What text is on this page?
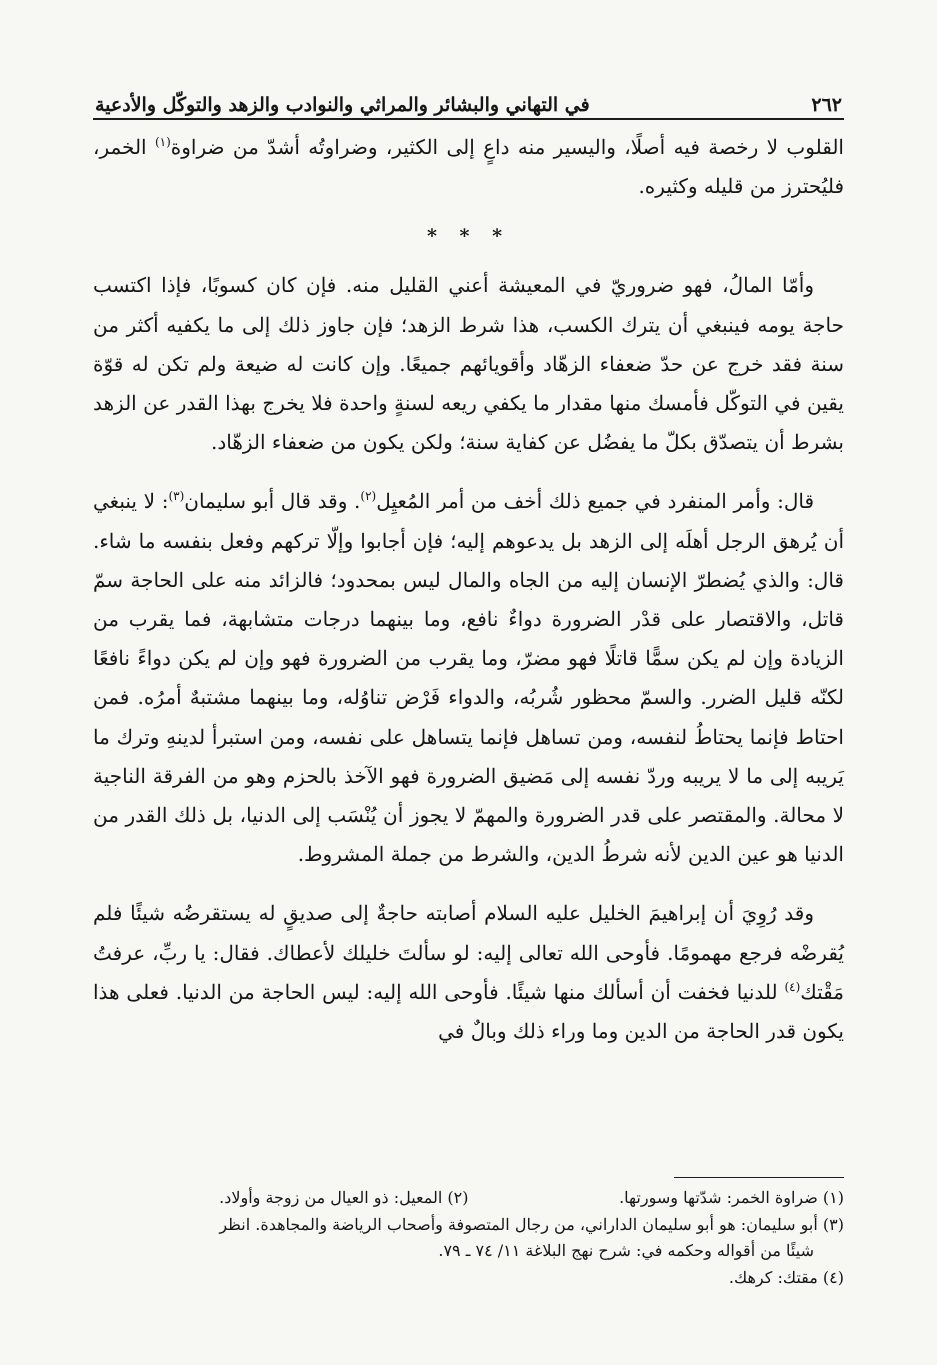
٢٦٢
في التهاني والبشائر والمراثي والنوادب والزهد والتوكّل والأدعية

القلوب لا رخصة فيه أصلًا، واليسير منه داعٍ إلى الكثير، وضراوتُه أشدّ من ضراوة$^{(١)}$ الخمر، فليُحترز من قليله وكثيره.

* * *

وأمّا المالُ، فهو ضروريّ في المعيشة أعني القليل منه. فإن كان كسوبًا، فإذا اكتسب حاجة يومه فينبغي أن يترك الكسب، هذا شرط الزهد؛ فإن جاوز ذلك إلى ما يكفيه أكثر من سنة فقد خرج عن حدّ ضعفاء الزهّاد وأقويائهم جميعًا. وإن كانت له ضيعة ولم تكن له قوّة يقين في التوكّل فأمسك منها مقدار ما يكفي ريعه لسنةٍ واحدة فلا يخرج بهذا القدر عن الزهد بشرط أن يتصدّق بكلّ ما يفضُل عن كفاية سنة؛ ولكن يكون من ضعفاء الزهّاد.

قال: وأمر المنفرد في جميع ذلك أخف من أمر المُعيِل$^{(٢)}$. وقد قال أبو سليمان$^{(٣)}$: لا ينبغي أن يُرهق الرجل أهلَه إلى الزهد بل يدعوهم إليه؛ فإن أجابوا وإلّا تركهم وفعل بنفسه ما شاء. قال: والذي يُضطرّ الإنسان إليه من الجاه والمال ليس بمحدود؛ فالزائد منه على الحاجة سمّ قاتل، والاقتصار على قدْر الضرورة دواءٌ نافع، وما بينهما درجات متشابهة، فما يقرب من الزيادة وإن لم يكن سمًّا قاتلًا فهو مضرّ، وما يقرب من الضرورة فهو وإن لم يكن دواءً نافعًا لكنّه قليل الضرر. والسمّ محظور شُربُه، والدواء فَرْض تناوُله، وما بينهما مشتبهٌ أمرُه. فمن احتاط فإنما يحتاطُ لنفسه، ومن تساهل فإنما يتساهل على نفسه، ومن استبرأ لدينهِ وترك ما يَريبه إلى ما لا يريبه وردّ نفسه إلى مَضيق الضرورة فهو الآخذ بالحزم وهو من الفرقة الناجية لا محالة. والمقتصر على قدر الضرورة والمهمّ لا يجوز أن يُنْسَب إلى الدنيا، بل ذلك القدر من الدنيا هو عين الدين لأنه شرطُ الدين، والشرط من جملة المشروط.

وقد رُوِيَ أن إبراهيمَ الخليل عليه السلام أصابته حاجةٌ إلى صديقٍ له يستقرضُه شيئًا فلم يُقرضْه فرجع مهمومًا. فأوحى الله تعالى إليه: لو سألتَ خليلك لأعطاك. فقال: يا ربِّ، عرفتُ مَقْتك$^{(٤)}$ للدنيا فخفت أن أسألك منها شيئًا. فأوحى الله إليه: ليس الحاجة من الدنيا. فعلى هذا يكون قدر الحاجة من الدين وما وراء ذلك وبالٌ في

(١) ضراوة الخمر: شدّتها وسورتها.
(٢) المعيل: ذو العيال من زوجة وأولاد.
(٣) أبو سليمان: هو أبو سليمان الداراني، من رجال المتصوفة وأصحاب الرياضة والمجاهدة. انظر
شيئًا من أقواله وحكمه في: شرح نهج البلاغة ١١/ ٧٤ ـ ٧٩.
(٤) مقتك: كرهك.
